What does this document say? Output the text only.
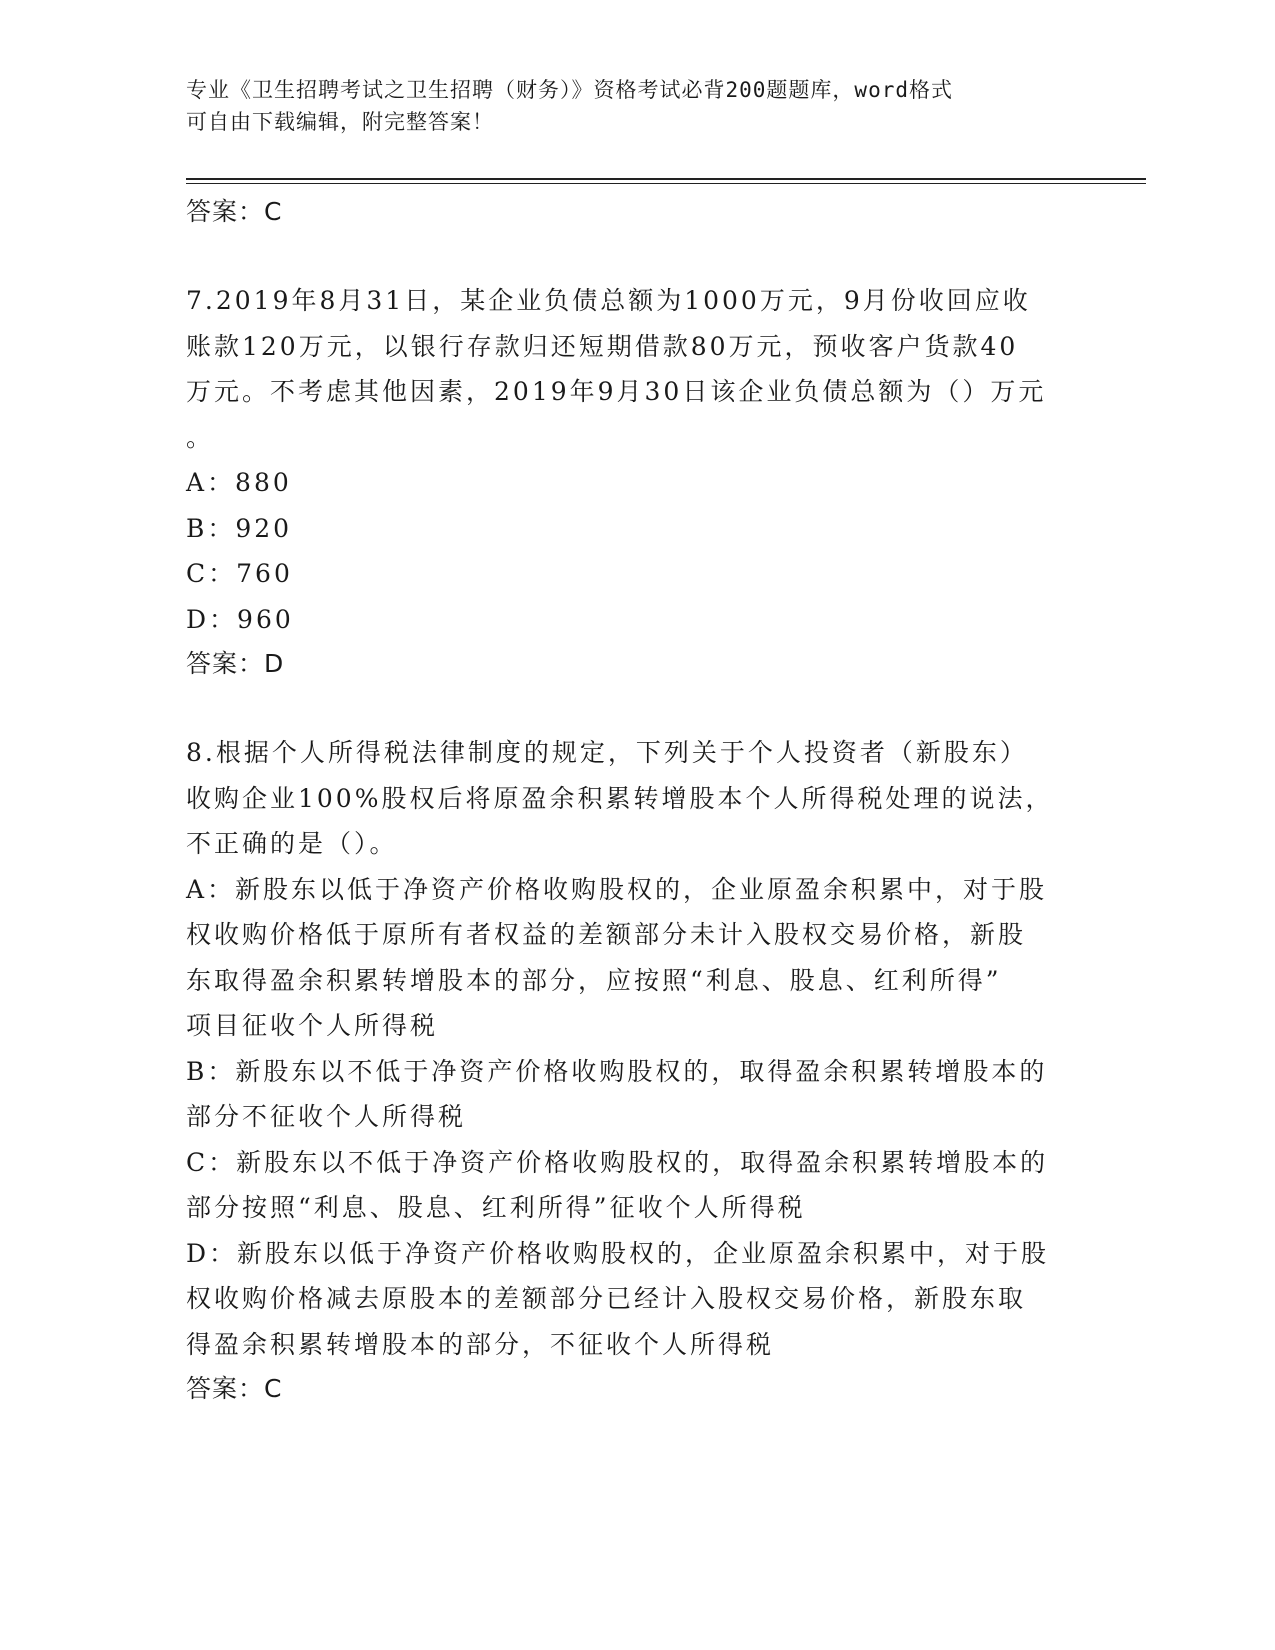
专业《卫生招聘考试之卫生招聘（财务）》资格考试必背200题题库，word格式
可自由下载编辑，附完整答案！
答案：C
7.2019年8月31日，某企业负债总额为1000万元，9月份收回应收
账款120万元，以银行存款归还短期借款80万元，预收客户货款40
万元。不考虑其他因素，2019年9月30日该企业负债总额为（）万元
。
A：880
B：920
C：760
D：960
答案：D
8.根据个人所得税法律制度的规定，下列关于个人投资者（新股东）
收购企业100%股权后将原盈余积累转增股本个人所得税处理的说法，
不正确的是（）。
A：新股东以低于净资产价格收购股权的，企业原盈余积累中，对于股
权收购价格低于原所有者权益的差额部分未计入股权交易价格，新股
东取得盈余积累转增股本的部分，应按照“利息、股息、红利所得”
项目征收个人所得税
B：新股东以不低于净资产价格收购股权的，取得盈余积累转增股本的
部分不征收个人所得税
C：新股东以不低于净资产价格收购股权的，取得盈余积累转增股本的
部分按照“利息、股息、红利所得”征收个人所得税
D：新股东以低于净资产价格收购股权的，企业原盈余积累中，对于股
权收购价格减去原股本的差额部分已经计入股权交易价格，新股东取
得盈余积累转增股本的部分，不征收个人所得税
答案：C
